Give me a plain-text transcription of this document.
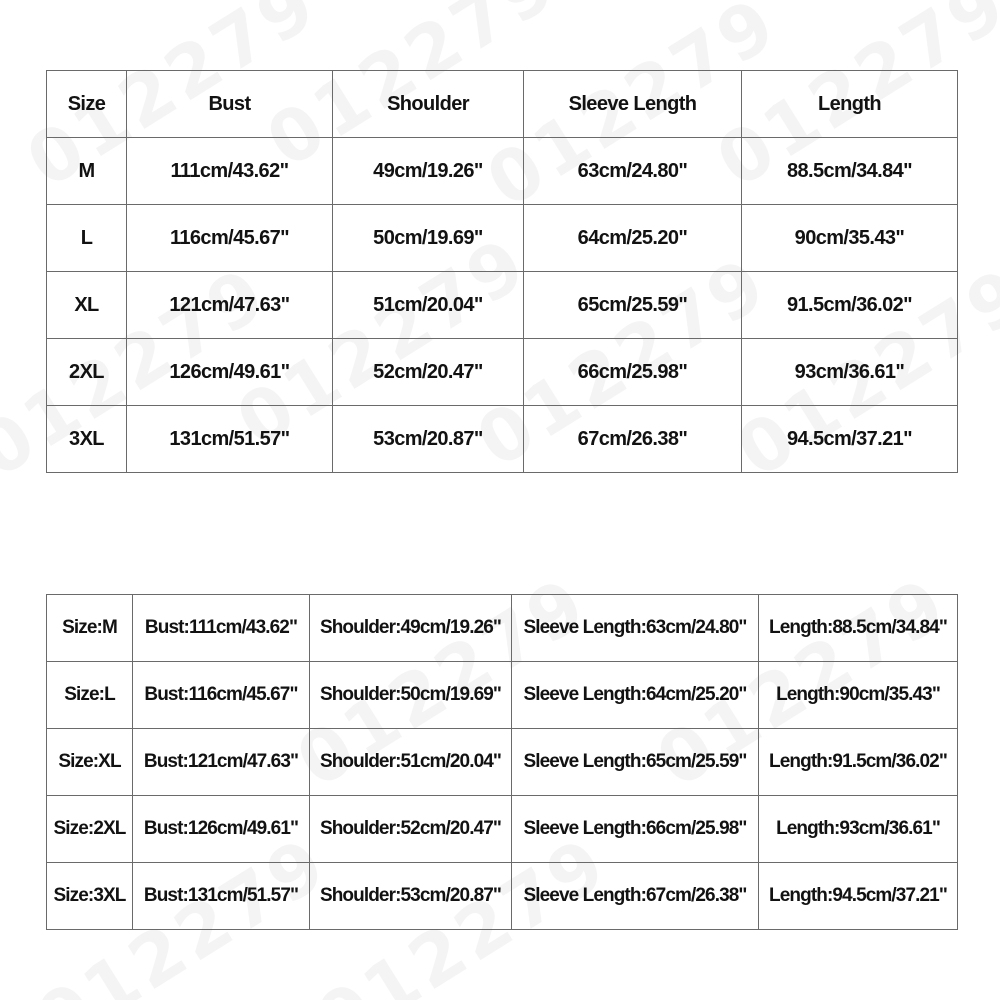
Size	Bust	Shoulder	Sleeve Length	Length
M	111cm/43.62"	49cm/19.26"	63cm/24.80"	88.5cm/34.84"
L	116cm/45.67"	50cm/19.69"	64cm/25.20"	90cm/35.43"
XL	121cm/47.63"	51cm/20.04"	65cm/25.59"	91.5cm/36.02"
2XL	126cm/49.61"	52cm/20.47"	66cm/25.98"	93cm/36.61"
3XL	131cm/51.57"	53cm/20.87"	67cm/26.38"	94.5cm/37.21"
Size:M	Bust:111cm/43.62"	Shoulder:49cm/19.26"	Sleeve Length:63cm/24.80"	Length:88.5cm/34.84"
Size:L	Bust:116cm/45.67"	Shoulder:50cm/19.69"	Sleeve Length:64cm/25.20"	Length:90cm/35.43"
Size:XL	Bust:121cm/47.63"	Shoulder:51cm/20.04"	Sleeve Length:65cm/25.59"	Length:91.5cm/36.02"
Size:2XL	Bust:126cm/49.61"	Shoulder:52cm/20.47"	Sleeve Length:66cm/25.98"	Length:93cm/36.61"
Size:3XL	Bust:131cm/51.57"	Shoulder:53cm/20.87"	Sleeve Length:67cm/26.38"	Length:94.5cm/37.21"
